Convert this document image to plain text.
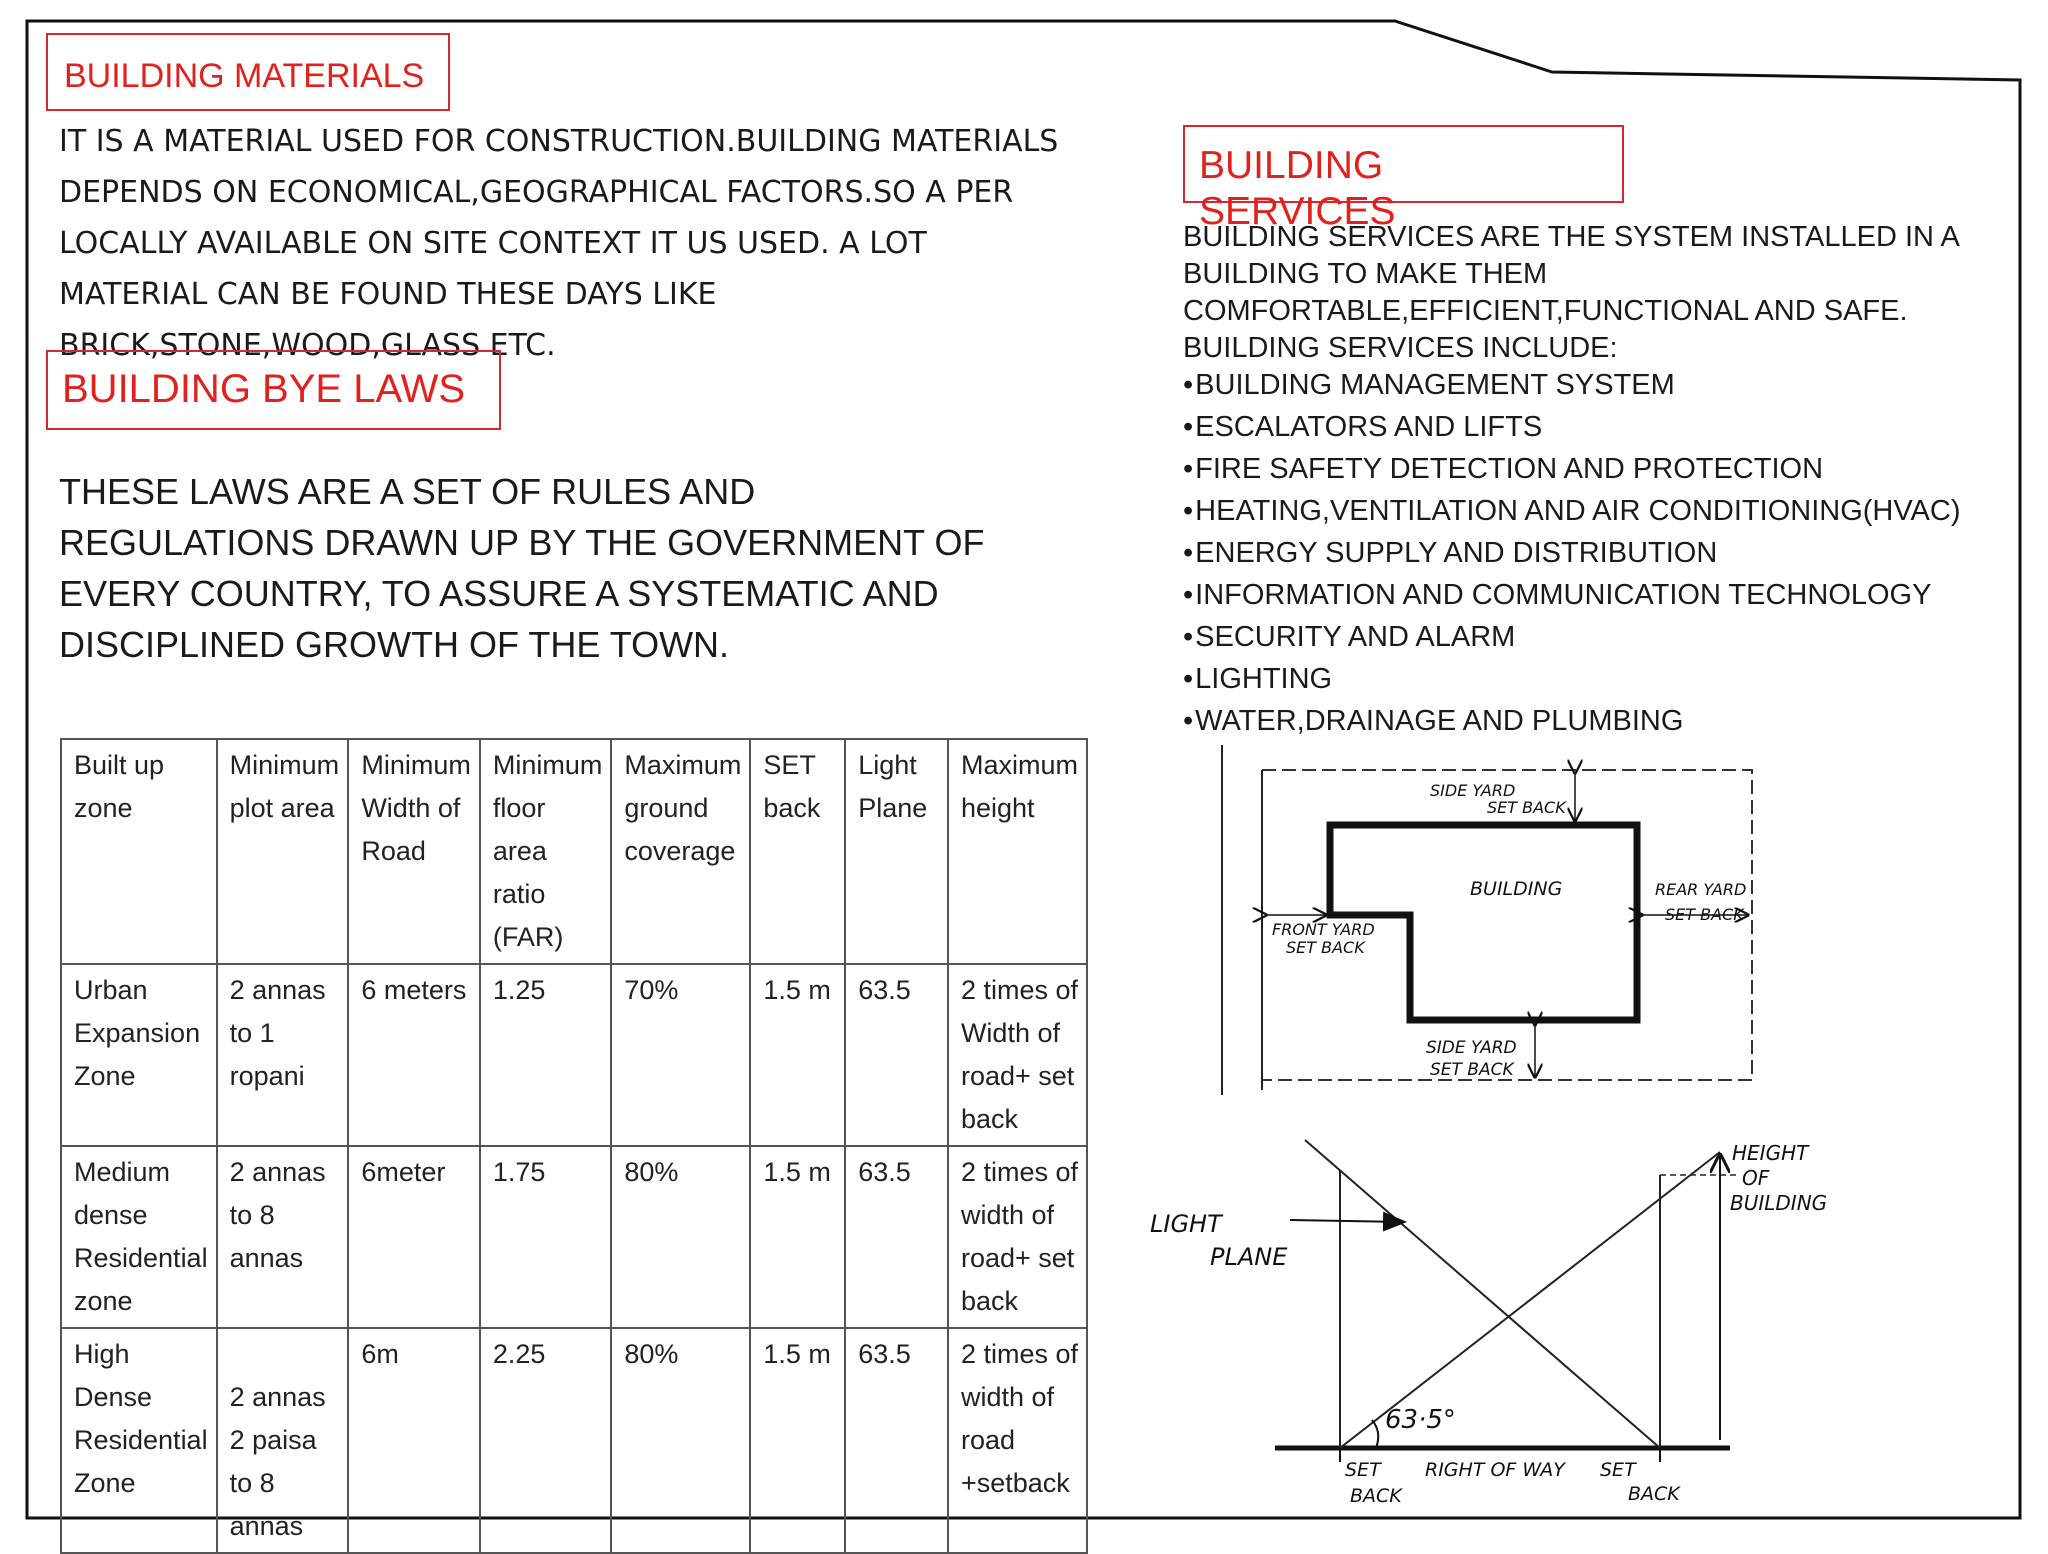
BUILDING MATERIALS
IT IS A MATERIAL USED FOR CONSTRUCTION.BUILDING MATERIALS
DEPENDS ON ECONOMICAL,GEOGRAPHICAL FACTORS.SO A PER
LOCALLY AVAILABLE ON SITE CONTEXT IT US USED. A LOT
MATERIAL CAN BE FOUND THESE DAYS LIKE
BRICK,STONE,WOOD,GLASS ETC.
BUILDING BYE LAWS
THESE LAWS ARE A SET OF RULES AND
REGULATIONS DRAWN UP BY THE GOVERNMENT OF
EVERY COUNTRY, TO ASSURE A SYSTEMATIC AND
DISCIPLINED GROWTH OF THE TOWN.
Built up zone	Minimum plot area	Minimum Width of Road	Minimum floor area ratio (FAR)	Maximum ground coverage	SET back	Light Plane	Maximum height
Urban Expansion Zone	2 annas to 1 ropani	6 meters	1.25	70%	1.5 m	63.5	2 times of Width of road+ set back
Medium dense Residential zone	2 annas to 8 annas	6meter	1.75	80%	1.5 m	63.5	2 times of width of road+ set back
High Dense Residential Zone	2 annas 2 paisa to 8 annas	6m	2.25	80%	1.5 m	63.5	2 times of width of road +setback
BUILDING SERVICES
BUILDING SERVICES ARE THE SYSTEM INSTALLED IN A
BUILDING TO MAKE THEM
COMFORTABLE,EFFICIENT,FUNCTIONAL AND SAFE.
BUILDING SERVICES INCLUDE:
• BUILDING MANAGEMENT SYSTEM
• ESCALATORS AND LIFTS
• FIRE SAFETY DETECTION AND PROTECTION
• HEATING,VENTILATION AND AIR CONDITIONING(HVAC)
• ENERGY SUPPLY AND DISTRIBUTION
• INFORMATION AND COMMUNICATION TECHNOLOGY
• SECURITY AND ALARM
• LIGHTING
• WATER,DRAINAGE AND PLUMBING
SIDE YARD
SET BACK
BUILDING	REAR YARD
SET BACK
FRONT YARD
SET BACK
SIDE YARD
SET BACK
LIGHT
PLANE
HEIGHT
OF
BUILDING
63·5°
SET
BACK
RIGHT OF WAY SET
BACK
